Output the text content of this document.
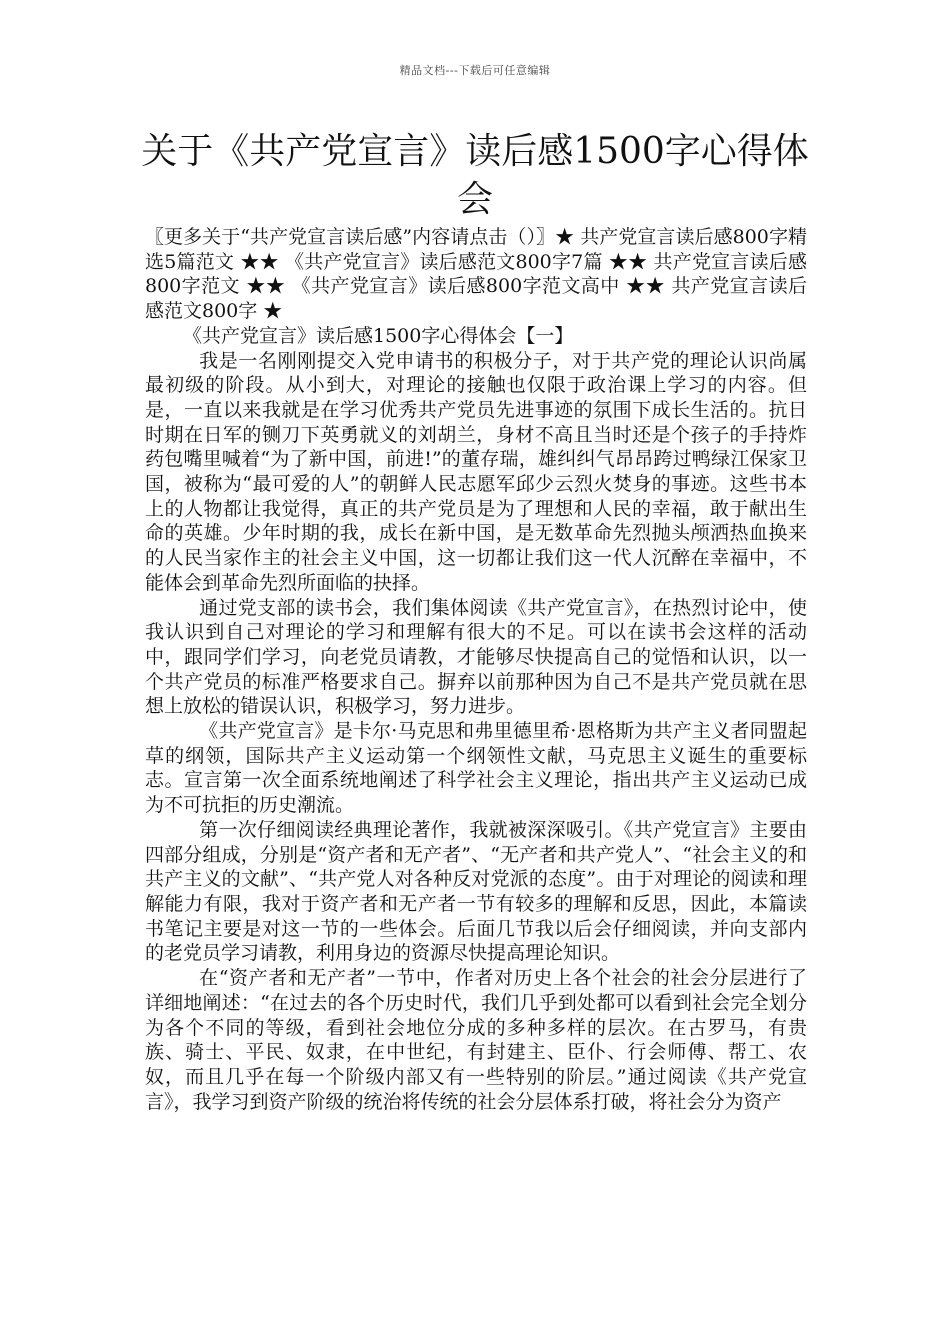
精品文档---下载后可任意编辑
关于《共产党宣言》读后感1500字心得体会

〖更多关于“共产党宣言读后感”内容请点击（）〗★ 共产党宣言读后感800字精选5篇范文 ★★ 《共产党宣言》读后感范文800字7篇 ★★ 共产党宣言读后感800字范文 ★★ 《共产党宣言》读后感800字范文高中 ★★ 共产党宣言读后感范文800字 ★

《共产党宣言》读后感1500字心得体会【一】

我是一名刚刚提交入党申请书的积极分子，对于共产党的理论认识尚属最初级的阶段。从小到大，对理论的接触也仅限于政治课上学习的内容。但是，一直以来我就是在学习优秀共产党员先进事迹的氛围下成长生活的。抗日时期在日军的铡刀下英勇就义的刘胡兰，身材不高且当时还是个孩子的手持炸药包嘴里喊着“为了新中国，前进!”的董存瑞，雄纠纠气昂昂跨过鸭绿江保家卫国，被称为“最可爱的人”的朝鲜人民志愿军邱少云烈火焚身的事迹。这些书本上的人物都让我觉得，真正的共产党员是为了理想和人民的幸福，敢于献出生命的英雄。少年时期的我，成长在新中国，是无数革命先烈抛头颅洒热血换来的人民当家作主的社会主义中国，这一切都让我们这一代人沉醉在幸福中，不能体会到革命先烈所面临的抉择。

通过党支部的读书会，我们集体阅读《共产党宣言》，在热烈讨论中，使我认识到自己对理论的学习和理解有很大的不足。可以在读书会这样的活动中，跟同学们学习，向老党员请教，才能够尽快提高自己的觉悟和认识，以一个共产党员的标准严格要求自己。摒弃以前那种因为自己不是共产党员就在思想上放松的错误认识，积极学习，努力进步。

《共产党宣言》是卡尔·马克思和弗里德里希·恩格斯为共产主义者同盟起草的纲领，国际共产主义运动第一个纲领性文献，马克思主义诞生的重要标志。宣言第一次全面系统地阐述了科学社会主义理论，指出共产主义运动已成为不可抗拒的历史潮流。

第一次仔细阅读经典理论著作，我就被深深吸引。《共产党宣言》主要由四部分组成，分别是“资产者和无产者”、“无产者和共产党人”、“社会主义的和共产主义的文献”、“共产党人对各种反对党派的态度”。由于对理论的阅读和理解能力有限，我对于资产者和无产者一节有较多的理解和反思，因此，本篇读书笔记主要是对这一节的一些体会。后面几节我以后会仔细阅读，并向支部内的老党员学习请教，利用身边的资源尽快提高理论知识。

在“资产者和无产者”一节中，作者对历史上各个社会的社会分层进行了详细地阐述：“在过去的各个历史时代，我们几乎到处都可以看到社会完全划分为各个不同的等级，看到社会地位分成的多种多样的层次。在古罗马，有贵族、骑士、平民、奴隶，在中世纪，有封建主、臣仆、行会师傅、帮工、农奴，而且几乎在每一个阶级内部又有一些特别的阶层。”通过阅读《共产党宣言》，我学习到资产阶级的统治将传统的社会分层体系打破，将社会分为资产
